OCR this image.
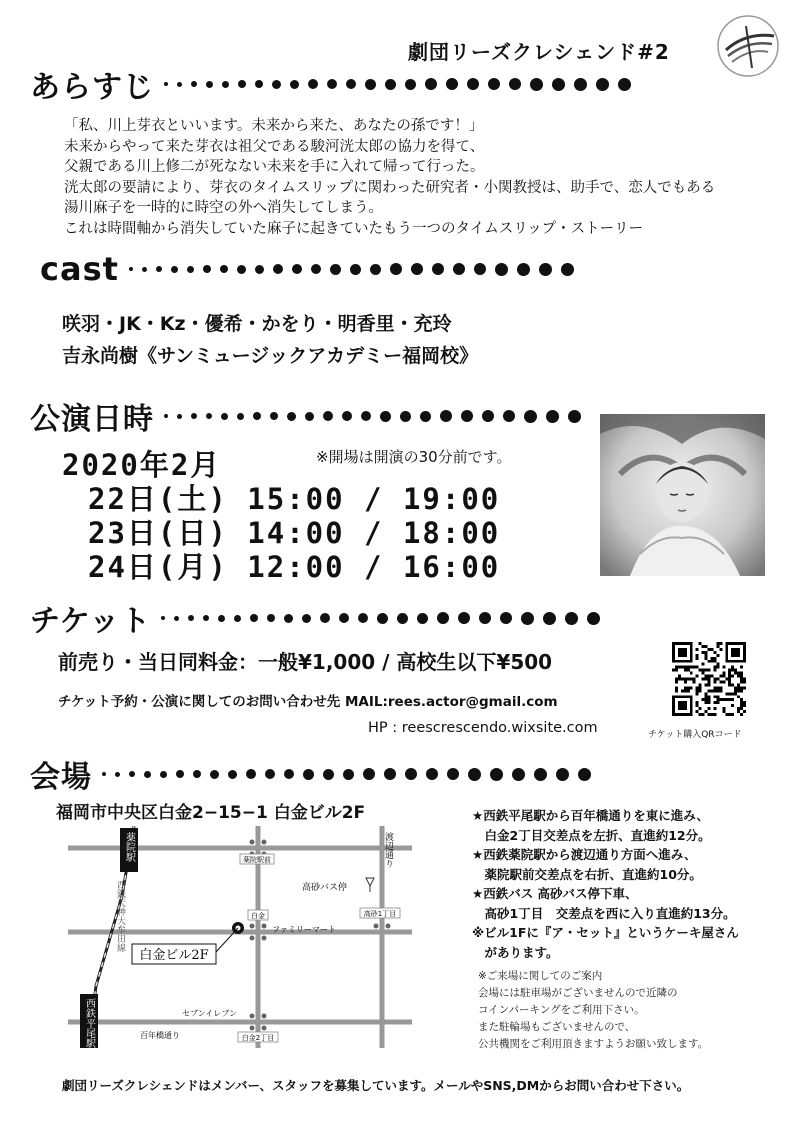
劇団リーズクレシェンド#2
あらすじ
「私、川上芽衣といいます。未来から来た、あなたの孫です！」
未来からやって来た芽衣は祖父である駿河洸太郎の協力を得て、
父親である川上修二が死なない未来を手に入れて帰って行った。
洸太郎の要請により、芽衣のタイムスリップに関わった研究者・小関教授は、助手で、恋人でもある
湯川麻子を一時的に時空の外へ消失してしまう。
これは時間軸から消失していた麻子に起きていたもう一つのタイムスリップ・ストーリー
cast
咲羽・JK・Kz・優希・かをり・明香里・充玲
吉永尚樹《サンミュージックアカデミー福岡校》
公演日時
2020年2月
22日(土) 15:00 / 19:00
23日(日) 14:00 / 18:00
24日(月) 12:00 / 16:00
※開場は開演の30分前です。
チケット
前売り・当日同料金：一般¥1,000 / 高校生以下¥500
チケット予約・公演に関してのお問い合わせ先 MAIL:rees.actor@gmail.com
HP : reescrescendo.wixsite.com	チケット購入QRコード
会場
福岡市中央区白金2−15−1 白金ビル2F
薬院駅
西鉄平尾駅
西鉄天神大牟田線
薬院駅前
白金	高砂1丁目
白金2丁目
渡辺通り
高砂バス停
白金ビル2F
ファミリーマート
セブンイレブン
百年橋通り
★西鉄平尾駅から百年橋通りを東に進み、
　白金2丁目交差点を左折、直進約12分。
★西鉄薬院駅から渡辺通り方面へ進み、
　薬院駅前交差点を右折、直進約10分。
★西鉄バス 高砂バス停下車、
　高砂1丁目　交差点を西に入り直進約13分。
※ビル1Fに『ア・セット』というケーキ屋さん
　があります。
※ご来場に関してのご案内
会場には駐車場がございませんので近隣の
コインパーキングをご利用下さい。
また駐輪場もございませんので、
公共機関をご利用頂きますようお願い致します。
劇団リーズクレシェンドはメンバー、スタッフを募集しています。メールやSNS,DMからお問い合わせ下さい。
